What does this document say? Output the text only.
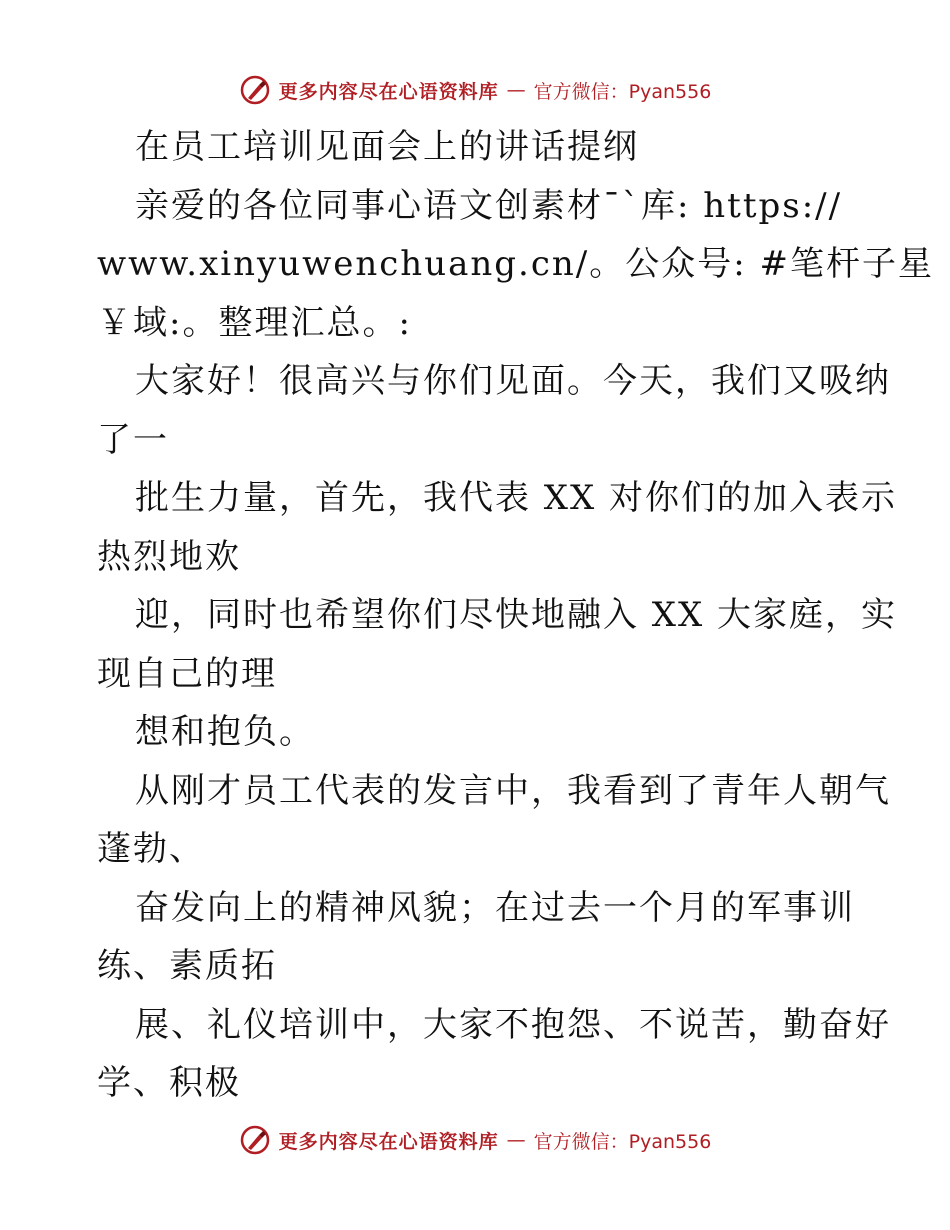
更多内容尽在心语资料库 — 官方微信：Pyan556

在员工培训见面会上的讲话提纲

亲爱的各位同事心语文创素材¯`库: https://

www.xinyuwenchuang.cn/。公众号: #笔杆子星

￥域:。整理汇总。:

大家好！很高兴与你们见面。今天，我们又吸纳

了一

批生力量，首先，我代表 XX 对你们的加入表示

热烈地欢

迎，同时也希望你们尽快地融入 XX 大家庭，实

现自己的理

想和抱负。

从刚才员工代表的发言中，我看到了青年人朝气

蓬勃、

奋发向上的精神风貌；在过去一个月的军事训

练、素质拓

展、礼仪培训中，大家不抱怨、不说苦，勤奋好

学、积极

更多内容尽在心语资料库 — 官方微信：Pyan556
